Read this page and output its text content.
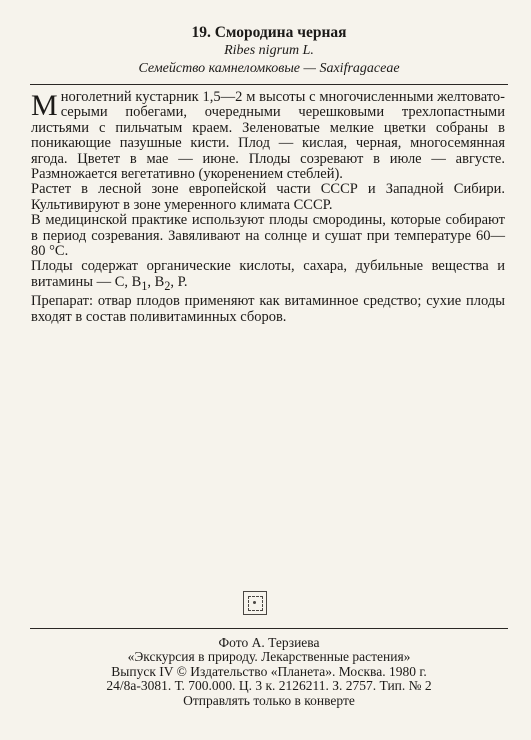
19. Смородина черная
Ribes nigrum L.
Семейство камнеломковые — Saxifragaceae

Многолетний кустарник 1,5—2 м высоты с многочисленными желтовато-серыми побегами, очередными черешковыми трехлопастными листьями с пильчатым краем. Зеленоватые мелкие цветки собраны в поникающие пазушные кисти. Плод — кислая, черная, многосемянная ягода. Цветет в мае — июне. Плоды созревают в июле — августе. Размножается вегетативно (укоренением стеблей).

Растет в лесной зоне европейской части СССР и Западной Сибири. Культивируют в зоне умеренного климата СССР.

В медицинской практике используют плоды смородины, которые собирают в период созревания. Завяливают на солнце и сушат при температуре 60—80 °С.

Плоды содержат органические кислоты, сахара, дубильные вещества и витамины — С, $В_1$, $В_2$, Р.

Препарат: отвар плодов применяют как витаминное средство; сухие плоды входят в состав поливитаминных сборов.

Фото А. Терзиева
«Экскурсия в природу. Лекарственные растения»
Выпуск IV © Издательство «Планета». Москва. 1980 г.
24/8а-3081. Т. 700.000. Ц. 3 к. 2126211. З. 2757. Тип. № 2
Отправлять только в конверте
